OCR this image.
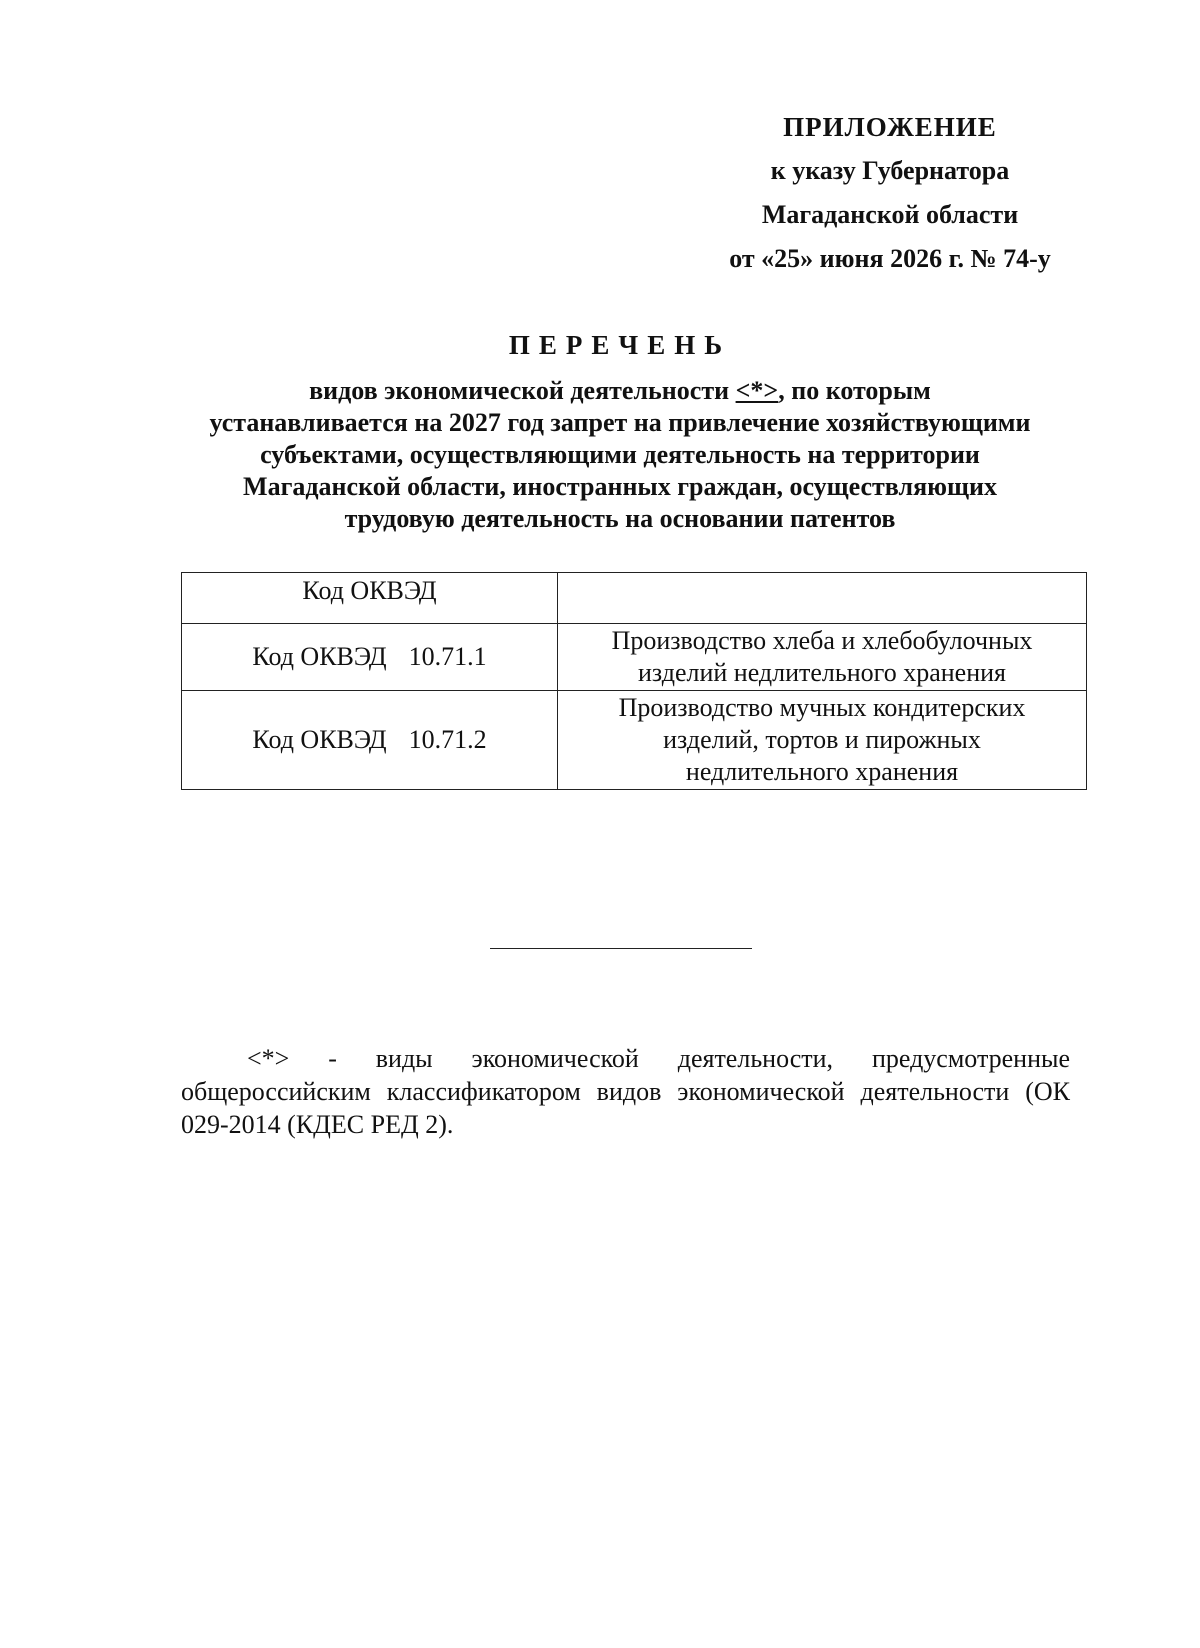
ПРИЛОЖЕНИЕ
к указу Губернатора
Магаданской области
от «25» июня 2026 г. № 74-у
ПЕРЕЧЕНЬ
видов экономической деятельности <*>, по которым
устанавливается на 2027 год запрет на привлечение хозяйствующими
субъектами, осуществляющими деятельность на территории
Магаданской области, иностранных граждан, осуществляющих
трудовую деятельность на основании патентов
Код ОКВЭД	
Код ОКВЭД 10.71.1	Производство хлеба и хлебобулочных
изделий недлительного хранения

Код ОКВЭД 10.71.2	Производство мучных кондитерских
изделий, тортов и пирожных
недлительного хранения
<*> - виды экономической деятельности, предусмотренные общероссийским классификатором видов экономической деятельности (ОК 029-2014 (КДЕС РЕД 2).
